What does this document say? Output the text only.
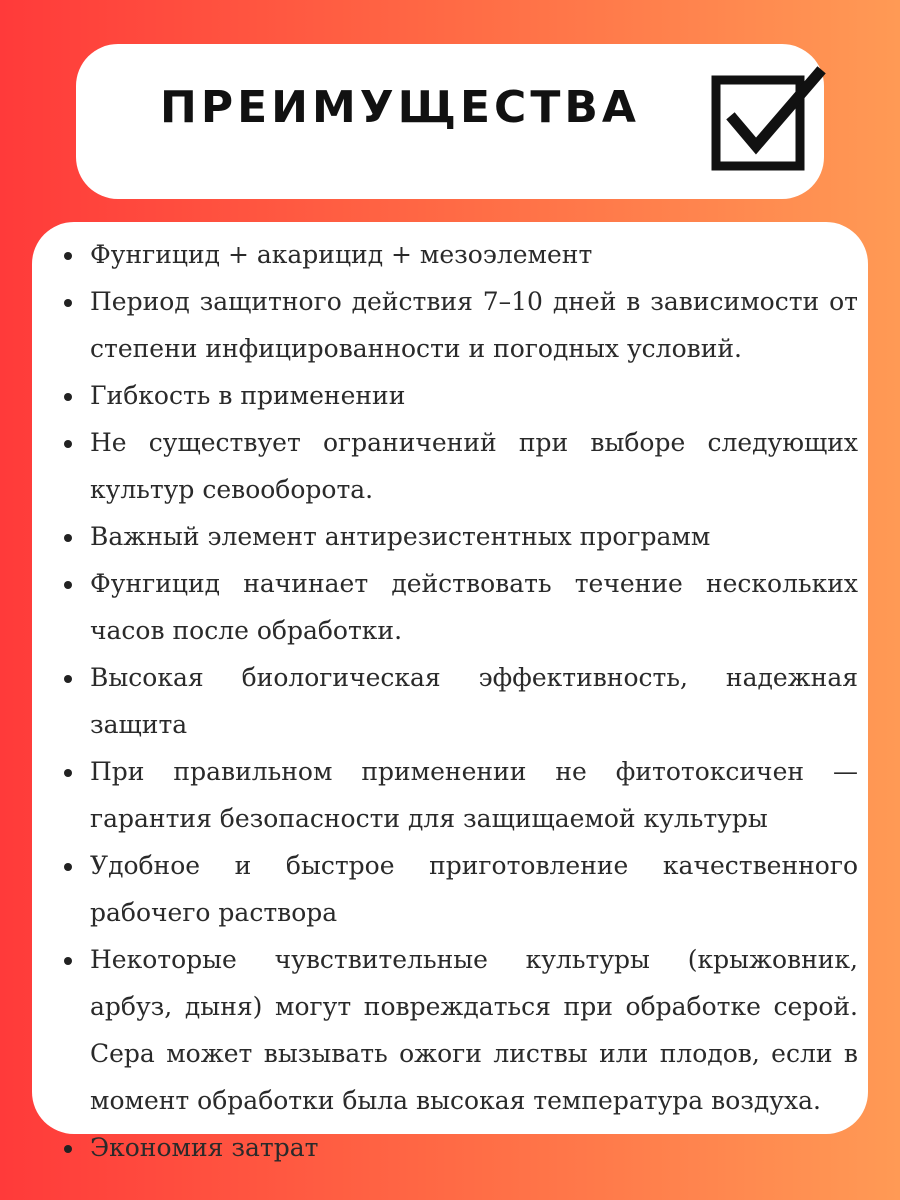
ПРЕИМУЩЕСТВА
Фунгицид + акарицид + мезоэлемент
Период защитного действия 7–10 дней в зависимости от степени инфицированности и погодных условий.
Гибкость в применении
Не существует ограничений при выборе следующих культур севооборота.
Важный элемент антирезистентных программ
Фунгицид начинает действовать течение нескольких часов после обработки.
Высокая биологическая эффективность, надежная защита
При правильном применении не фитотоксичен — гарантия безопасности для защищаемой культуры
Удобное и быстрое приготовление качественного рабочего раствора
Некоторые чувствительные культуры (крыжовник, арбуз, дыня) могут повреждаться при обработке серой. Сера может вызывать ожоги листвы или плодов, если в момент обработки была высокая температура воздуха.
Экономия затрат
